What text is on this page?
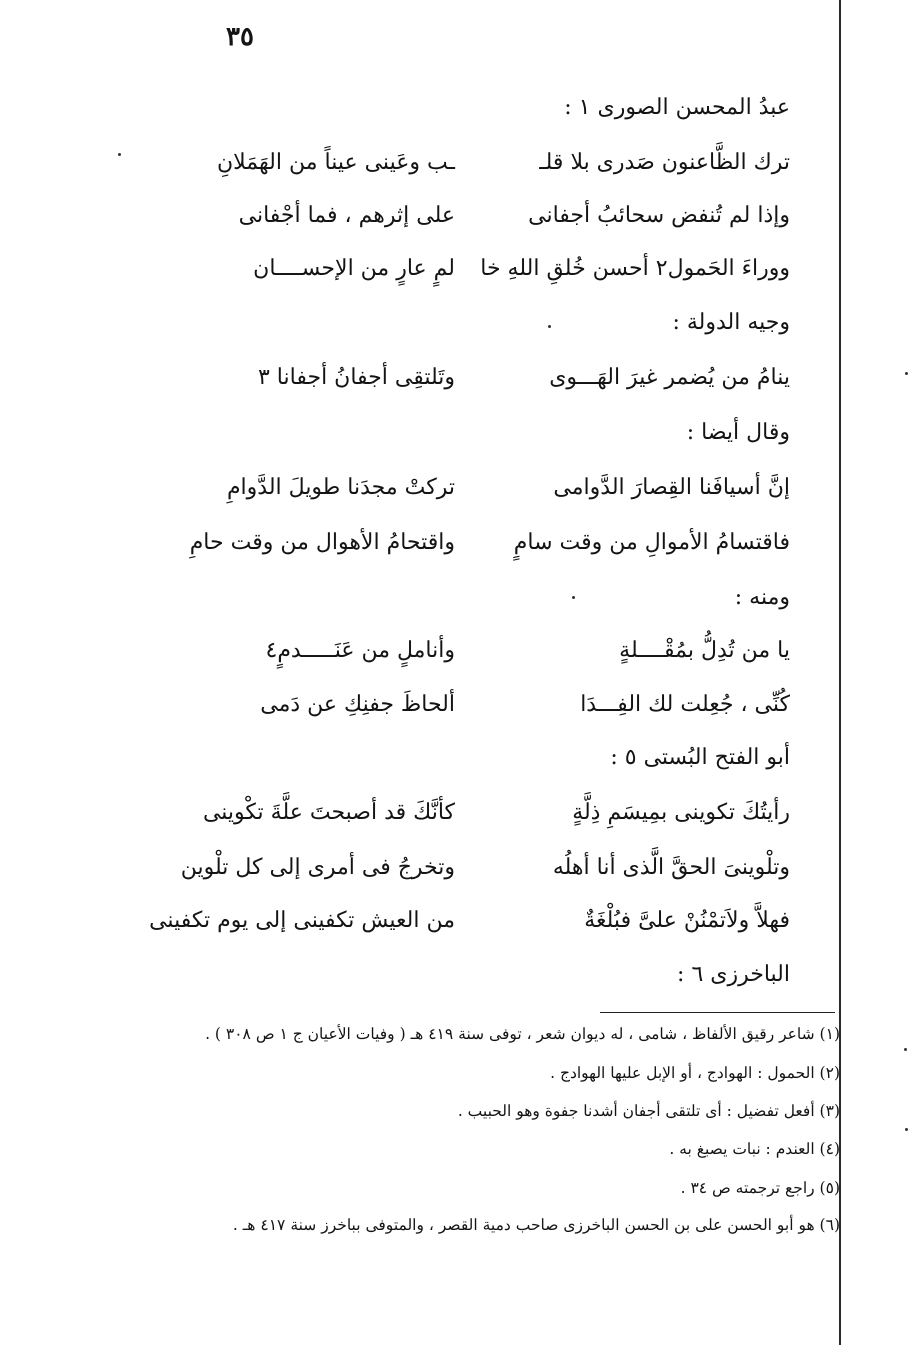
٣٥
عبدُ المحسن الصورى ١ :
ترك الظَّاعنون صَدرى بلا قلـ
ـب وعَينى عيناً من الهَمَلانِ
وإذا لم تُنفض سحائبُ أجفانى
على إثرهم ، فما أجْفانى
ووراءَ الحَمول٢ أحسن خُلقِ اللهِ خا
لمٍ عارٍ من الإحســــان
وجيه الدولة :
ينامُ من يُضمر غيرَ الهَـــوى
وتَلتقِى أجفانُ أجفانا ٣
وقال أيضا :
إنَّ أسيافَنا القِصارَ الدَّوامى
تركتْ مجدَنا طويلَ الدَّوامِ
فاقتسامُ الأموالِ من وقت سامٍ
واقتحامُ الأهوال من وقت حامِ
ومنه :
يا من تُدِلُّ بمُقْــــلةٍ
وأناملٍ من عَنَـــــدمٍ٤
كُنِّى ، جُعِلت لك الفِـــدَا
ألحاظَ جفنِكِ عن دَمى
أبو الفتح البُستى ٥ :
رأيتُكَ تكوينى بمِيسَمِ ذِلَّةٍ
كأنَّكَ قد أصبحتَ علَّةَ تكْوينى
وتلْوينىَ الحقَّ الَّذى أنا أهلُه
وتخرجُ فى أمرى إلى كل تلْوين
فهلاَّ ولاَتمْنُنْ علىَّ فبُلْغَةٌ
من العيش تكفينى إلى يوم تكفينى
الباخرزى ٦ :
(١) شاعر رقيق الألفاظ ، شامى ، له ديوان شعر ، توفى سنة ٤١٩ هـ ( وفيات الأعيان ج ١ ص ٣٠٨ ) .
(٢) الحمول : الهوادج ، أو الإبل عليها الهوادج .
(٣) أفعل تفضيل : أى تلتقى أجفان أشدنا جفوة وهو الحبيب .
(٤) العندم : نبات يصبغ به .
(٥) راجع ترجمته ص ٣٤ .
(٦) هو أبو الحسن على بن الحسن الباخرزى صاحب دمية القصر ، والمتوفى بباخرز سنة ٤١٧ هـ .
